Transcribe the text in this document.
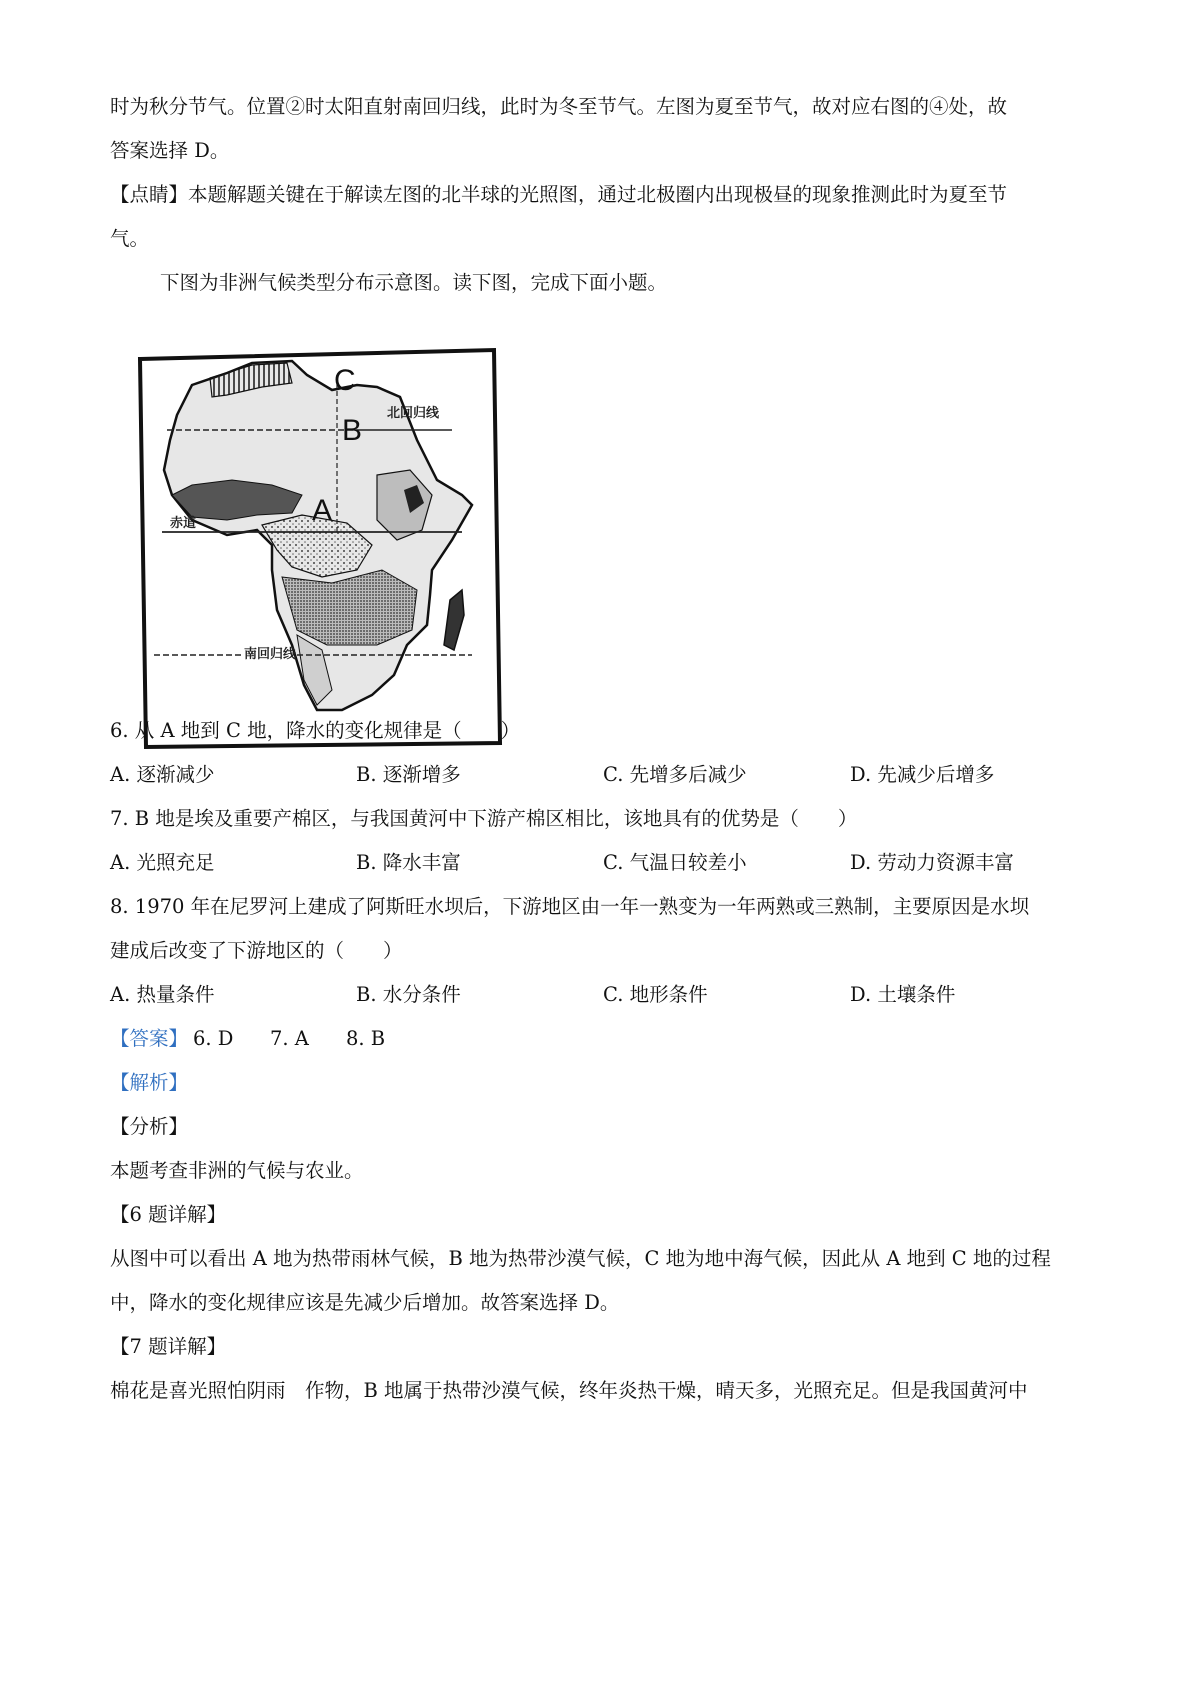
时为秋分节气。位置②时太阳直射南回归线，此时为冬至节气。左图为夏至节气，故对应右图的④处，故
答案选择 D。
【点睛】本题解题关键在于解读左图的北半球的光照图，通过北极圈内出现极昼的现象推测此时为夏至节
气。
下图为非洲气候类型分布示意图。读下图，完成下面小题。
北回归线
赤道
南回归线
C
B
A
6. 从 A 地到 C 地，降水的变化规律是（　　）
A. 逐渐减少	B. 逐渐增多	C. 先增多后减少	D. 先减少后增多
7. B 地是埃及重要产棉区，与我国黄河中下游产棉区相比，该地具有的优势是（　　）
A. 光照充足	B. 降水丰富	C. 气温日较差小	D. 劳动力资源丰富
8. 1970 年在尼罗河上建成了阿斯旺水坝后，下游地区由一年一熟变为一年两熟或三熟制，主要原因是水坝
建成后改变了下游地区的（　　）
A. 热量条件	B. 水分条件	C. 地形条件	D. 土壤条件
【答案】 6. D 7. A 8. B
【解析】
【分析】
本题考查非洲的气候与农业。
【6 题详解】
从图中可以看出 A 地为热带雨林气候，B 地为热带沙漠气候，C 地为地中海气候，因此从 A 地到 C 地的过程
中，降水的变化规律应该是先减少后增加。故答案选择 D。
【7 题详解】
棉花是喜光照怕阴雨　作物，B 地属于热带沙漠气候，终年炎热干燥，晴天多，光照充足。但是我国黄河中
